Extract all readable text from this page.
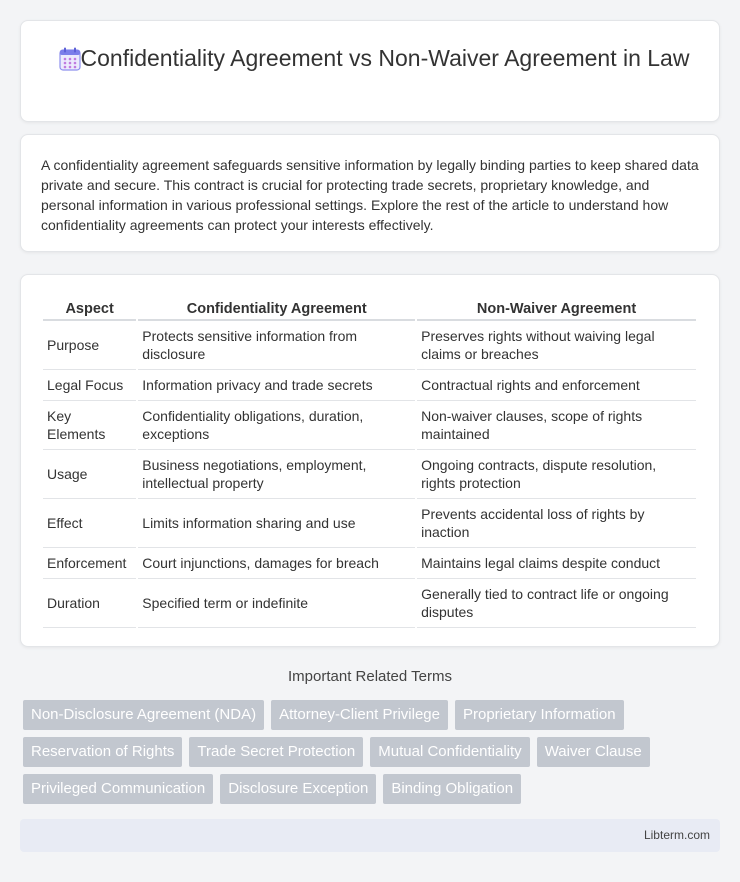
Confidentiality Agreement vs Non-Waiver Agreement in Law

A confidentiality agreement safeguards sensitive information by legally binding parties to keep shared data private and secure. This contract is crucial for protecting trade secrets, proprietary knowledge, and personal information in various professional settings. Explore the rest of the article to understand how confidentiality agreements can protect your interests effectively.

Aspect	Confidentiality Agreement	Non-Waiver Agreement
Purpose	Protects sensitive information from disclosure	Preserves rights without waiving legal claims or breaches
Legal Focus	Information privacy and trade secrets	Contractual rights and enforcement
Key Elements	Confidentiality obligations, duration, exceptions	Non-waiver clauses, scope of rights maintained
Usage	Business negotiations, employment, intellectual property	Ongoing contracts, dispute resolution, rights protection
Effect	Limits information sharing and use	Prevents accidental loss of rights by inaction
Enforcement	Court injunctions, damages for breach	Maintains legal claims despite conduct
Duration	Specified term or indefinite	Generally tied to contract life or ongoing disputes
Important Related Terms
Non-Disclosure Agreement (NDA)	Attorney-Client Privilege	Proprietary Information
Reservation of Rights	Trade Secret Protection	Mutual Confidentiality	Waiver Clause
Privileged Communication	Disclosure Exception	Binding Obligation
Libterm.com
